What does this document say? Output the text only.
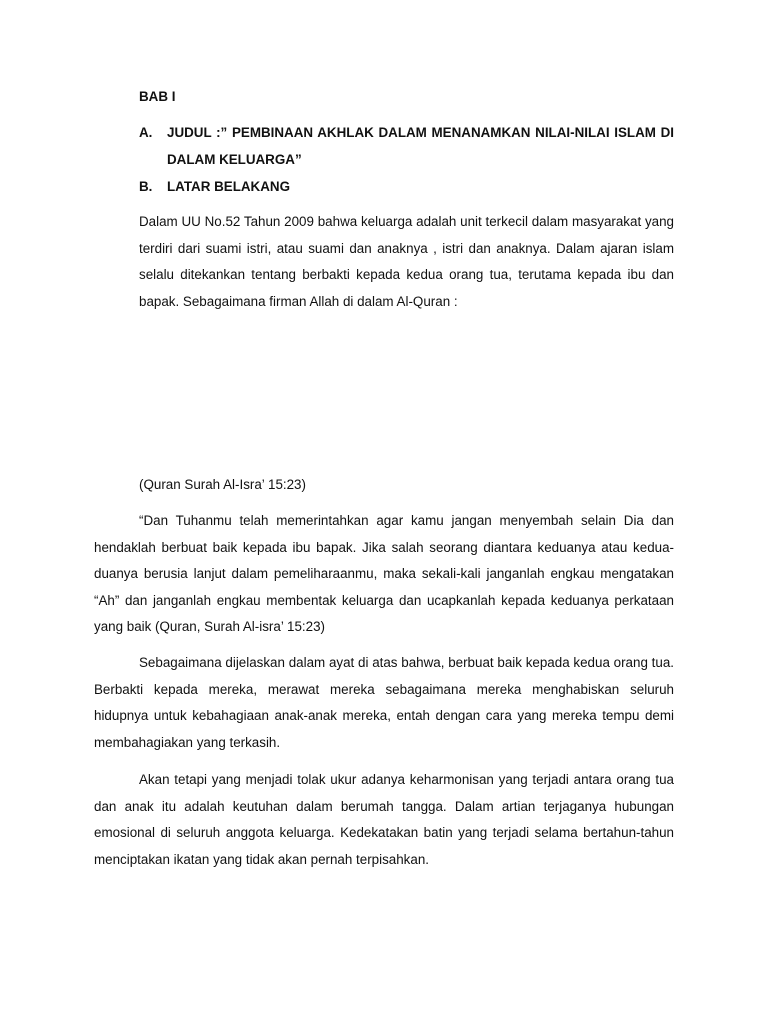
BAB I
A. JUDUL :” PEMBINAAN AKHLAK DALAM MENANAMKAN NILAI-NILAI ISLAM DI DALAM KELUARGA”
B. LATAR BELAKANG

Dalam UU No.52 Tahun 2009 bahwa keluarga adalah unit terkecil dalam masyarakat yang terdiri dari suami istri, atau suami dan anaknya , istri dan anaknya. Dalam ajaran islam selalu ditekankan tentang berbakti kepada kedua orang tua, terutama kepada ibu dan bapak. Sebagaimana firman Allah di dalam Al-Quran :

(Quran Surah Al-Isra’ 15:23)

“Dan Tuhanmu telah memerintahkan agar kamu jangan menyembah selain Dia dan hendaklah berbuat baik kepada ibu bapak. Jika salah seorang diantara keduanya atau kedua-duanya berusia lanjut dalam pemeliharaanmu, maka sekali-kali janganlah engkau mengatakan “Ah” dan janganlah engkau membentak keluarga dan ucapkanlah kepada keduanya perkataan yang baik (Quran, Surah Al-isra’ 15:23)

Sebagaimana dijelaskan dalam ayat di atas bahwa, berbuat baik kepada kedua orang tua. Berbakti kepada mereka, merawat mereka sebagaimana mereka menghabiskan seluruh hidupnya untuk kebahagiaan anak-anak mereka, entah dengan cara yang mereka tempu demi membahagiakan yang terkasih.

Akan tetapi yang menjadi tolak ukur adanya keharmonisan yang terjadi antara orang tua dan anak itu adalah keutuhan dalam berumah tangga. Dalam artian terjaganya hubungan emosional di seluruh anggota keluarga. Kedekatakan batin yang terjadi selama bertahun-tahun menciptakan ikatan yang tidak akan pernah terpisahkan.
